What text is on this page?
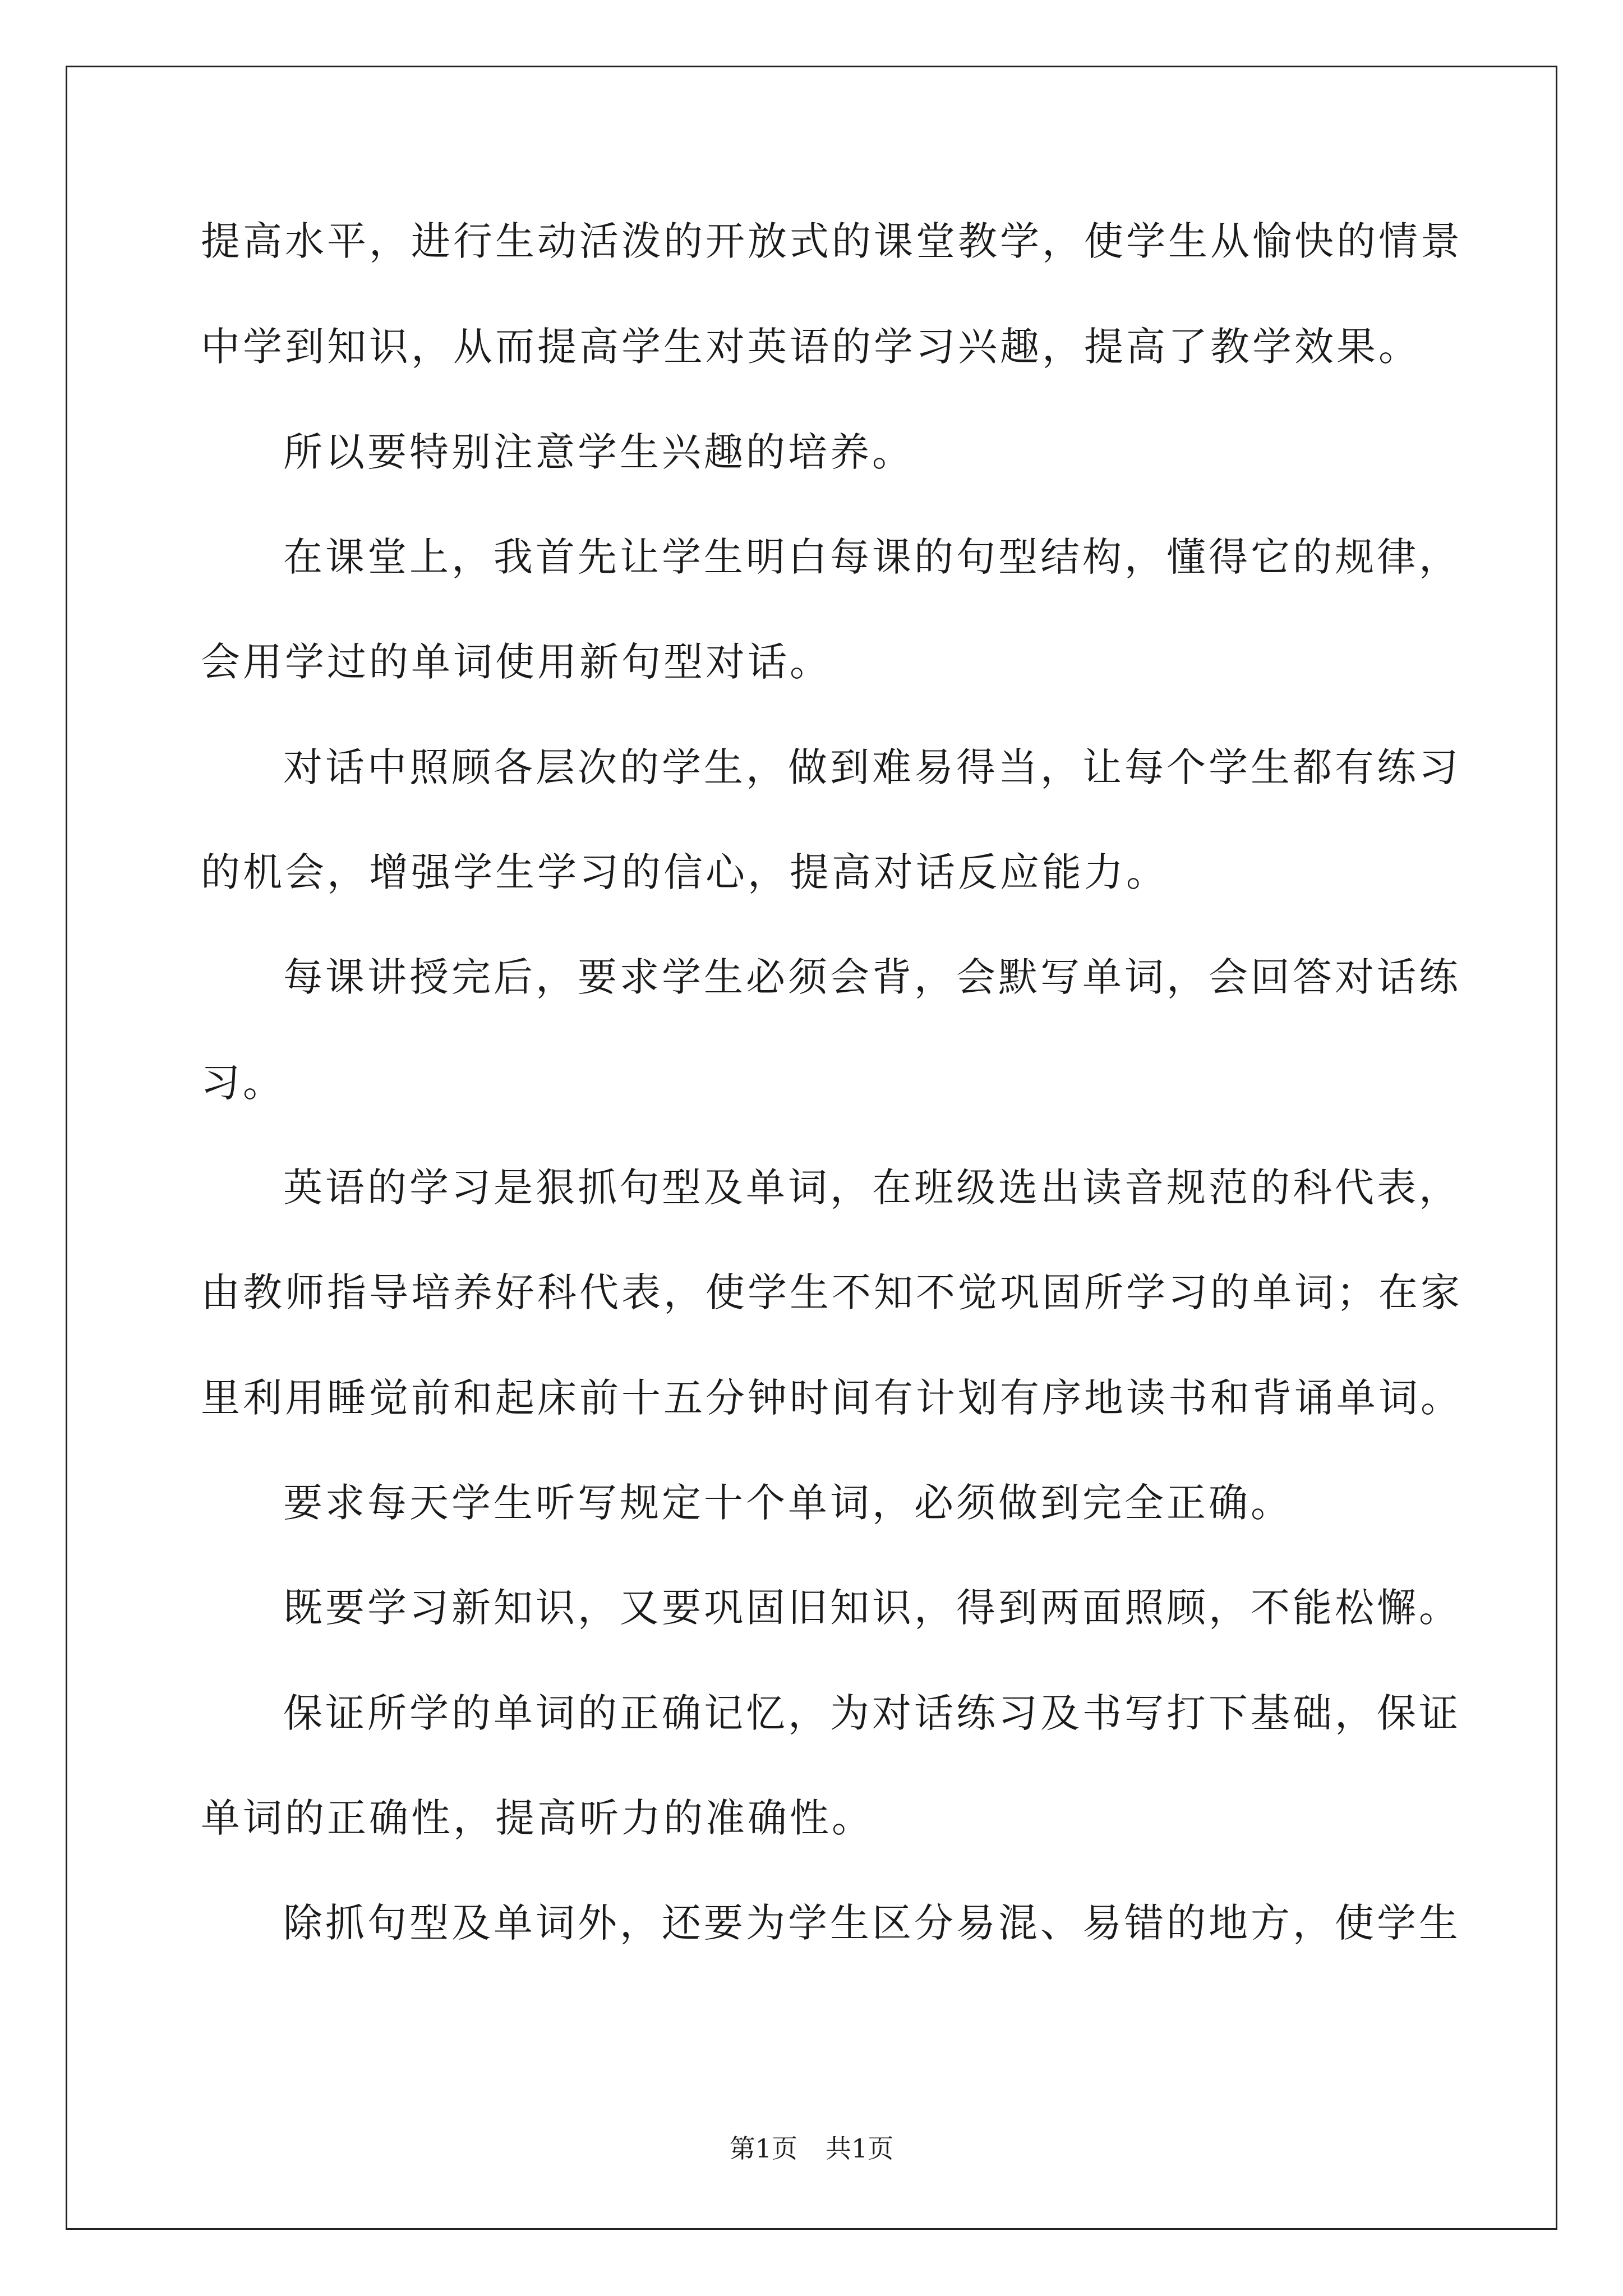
提高水平，进行生动活泼的开放式的课堂教学，使学生从愉快的情景
中学到知识，从而提高学生对英语的学习兴趣，提高了教学效果。
所以要特别注意学生兴趣的培养。
在课堂上，我首先让学生明白每课的句型结构，懂得它的规律，
会用学过的单词使用新句型对话。
对话中照顾各层次的学生，做到难易得当，让每个学生都有练习
的机会，增强学生学习的信心，提高对话反应能力。
每课讲授完后，要求学生必须会背，会默写单词，会回答对话练
习。
英语的学习是狠抓句型及单词，在班级选出读音规范的科代表，
由教师指导培养好科代表，使学生不知不觉巩固所学习的单词；在家
里利用睡觉前和起床前十五分钟时间有计划有序地读书和背诵单词。
要求每天学生听写规定十个单词，必须做到完全正确。
既要学习新知识，又要巩固旧知识，得到两面照顾，不能松懈。
保证所学的单词的正确记忆，为对话练习及书写打下基础，保证
单词的正确性，提高听力的准确性。
除抓句型及单词外，还要为学生区分易混、易错的地方，使学生
第1页 共1页
